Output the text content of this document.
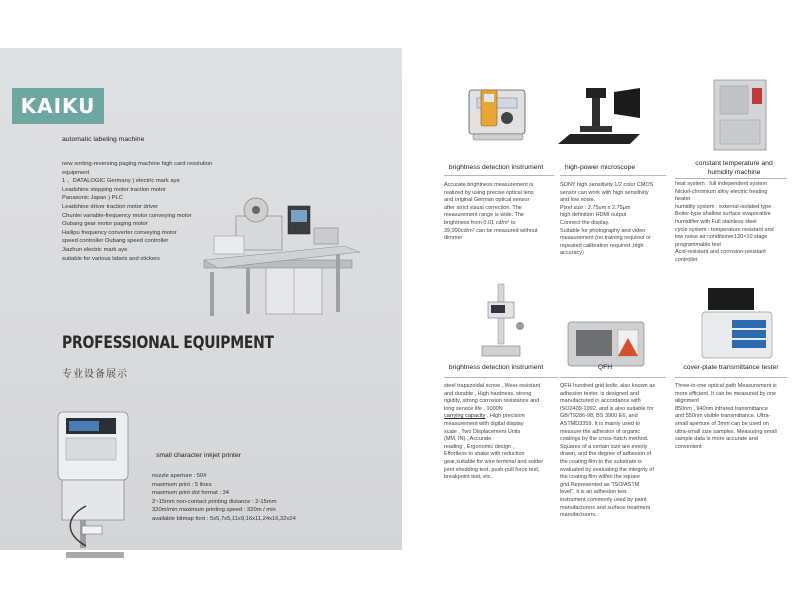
KAIKU
automatic labeling machine
new sorting-reversing paging machine high card resolution
equipment
1 、DATALOGIC Germany ) electric mark aye
Leadshine stepping motor traction motor
Panasonic Japan ) PLC
Leadshine driver traction motor driver
Chunlei variable-frequency motor conveying motor
Oubang gear motor paging motor
Hailipu frequency converter conveying motor
speed controller Oubang speed controller
Jiazhun electric mark aye
suitable for various labels and stickers
PROFESSIONAL EQUIPMENT
专业设备展示
small character inkjet printer
nozzle aperture : 50#
maximum print : 5 lines
maximum print dot format : 34
2~15mm non-contact printing distance : 2-15mm
320m/min maximum printing speed : 320m / min
available bitmap font : 5x5,7x5,11x9,16x11,24x16,32x24
brightness detection instrument	high-power microscope
constant temperature and
humidity machine
Accurate brightness measurement is
realized by using precise optical lens
and original German optical sensor
after strict visual correction. The
measurement range is wide. The
brightness from 0.01 cd/m² to
39,990cd/m² can be measured without
dimmer
SONY high sensitivity 1/2 color CMOS
sensor can work with high sensitivity
and low noise.
Pixel size : 2.75um x 2.75μm
high definition HDMI output
Connect the display.
Suitable for photography and video
measurement (no training required or
repeated calibration required ,high
accuracy)
heat system : full independent system
Nickel-chromium alloy electric heating
heater
humidity system : external-isolated type
Boiler-type shallow surface evaporative
humidifier with Full stainless steel
cycle system : temperature resistant and
low noise air conditioner120×10 stage
programmable test
Acid-resistant and corrosion-resistant
controller
brightness detection instrument	QFH	cover-plate transmittance tester
steel trapezoidal screw , Wear-resistant
and durable , High hardness, strong
rigidity, strong corrosion resistance and
long service life , 1000N
carrying capacity , High precision
measurement with digital display
scale , Two Displacement Units
(MM, IN) , Accurate
reading , Ergonomic design ,
Effortless to shake with reduction
gear,suitable for wire terminal and solder
joint shedding test, push-pull force test,
breakpoint test, etc.
QFH hundred grid knife, also known as
adhesion tester, is designed and
manufactured in accordance with
ISO2409-1992, and is also suitable for
GB/T9286-98, BS 3900 E6, and
ASTMD3359. It is mainly used to
measure the adhesion of organic
coatings by the cross-hatch method.
Squares of a certain size are evenly
drawn, and the degree of adhesion of
the coating film to the substrate is
evaluated by evaluating the integrity of
the coating film within the square
grid.Represented as "ISO/ASTM
level", it is an adhesion test
instrument commonly used by paint
manufacturers and surface treatment
manufacturers.
Three-in-one optical path Measurement is
more efficient. It can be measured by one
alignment
850nm , 940nm infrared transmittance
and 550nm visible transmittance. Ultra-
small aperture of 3mm can be used on
ultra-small size samples. Measuring small
sample data is more accurate and
convenient
